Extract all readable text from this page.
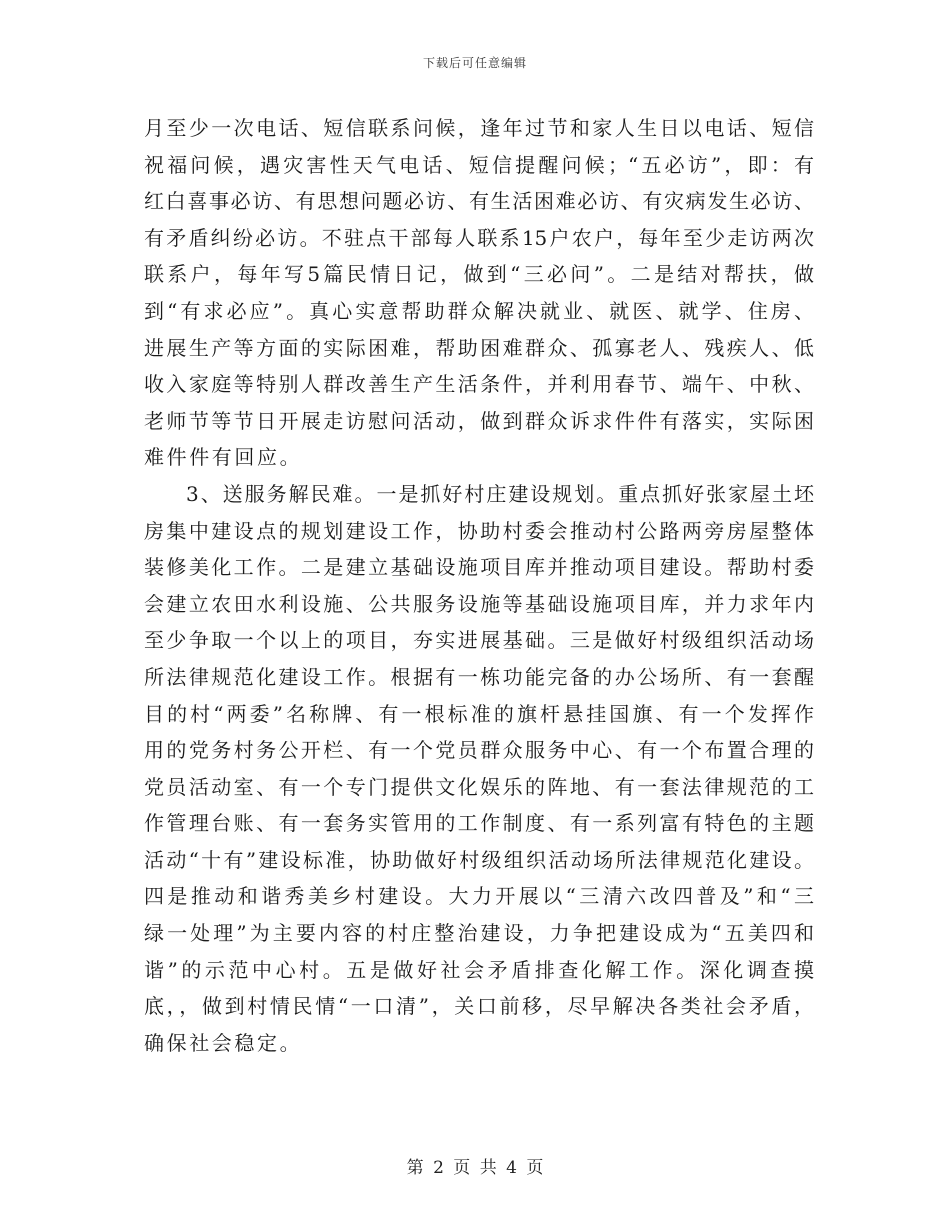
下载后可任意编辑
月至少一次电话、短信联系问候，逢年过节和家人生日以电话、短信
祝福问候，遇灾害性天气电话、短信提醒问候；“五必访”，即：有
红白喜事必访、有思想问题必访、有生活困难必访、有灾病发生必访、
有矛盾纠纷必访。不驻点干部每人联系15户农户，每年至少走访两次
联系户，每年写5篇民情日记，做到“三必问”。二是结对帮扶，做
到“有求必应”。真心实意帮助群众解决就业、就医、就学、住房、
进展生产等方面的实际困难，帮助困难群众、孤寡老人、残疾人、低
收入家庭等特别人群改善生产生活条件，并利用春节、端午、中秋、
老师节等节日开展走访慰问活动，做到群众诉求件件有落实，实际困
难件件有回应。
3、送服务解民难。一是抓好村庄建设规划。重点抓好张家屋土坯
房集中建设点的规划建设工作，协助村委会推动村公路两旁房屋整体
装修美化工作。二是建立基础设施项目库并推动项目建设。帮助村委
会建立农田水利设施、公共服务设施等基础设施项目库，并力求年内
至少争取一个以上的项目，夯实进展基础。三是做好村级组织活动场
所法律规范化建设工作。根据有一栋功能完备的办公场所、有一套醒
目的村“两委”名称牌、有一根标准的旗杆悬挂国旗、有一个发挥作
用的党务村务公开栏、有一个党员群众服务中心、有一个布置合理的
党员活动室、有一个专门提供文化娱乐的阵地、有一套法律规范的工
作管理台账、有一套务实管用的工作制度、有一系列富有特色的主题
活动“十有”建设标准，协助做好村级组织活动场所法律规范化建设。
四是推动和谐秀美乡村建设。大力开展以“三清六改四普及”和“三
绿一处理”为主要内容的村庄整治建设，力争把建设成为“五美四和
谐”的示范中心村。五是做好社会矛盾排查化解工作。深化调查摸
底，，做到村情民情“一口清”，关口前移，尽早解决各类社会矛盾，
确保社会稳定。
第 2 页 共 4 页
